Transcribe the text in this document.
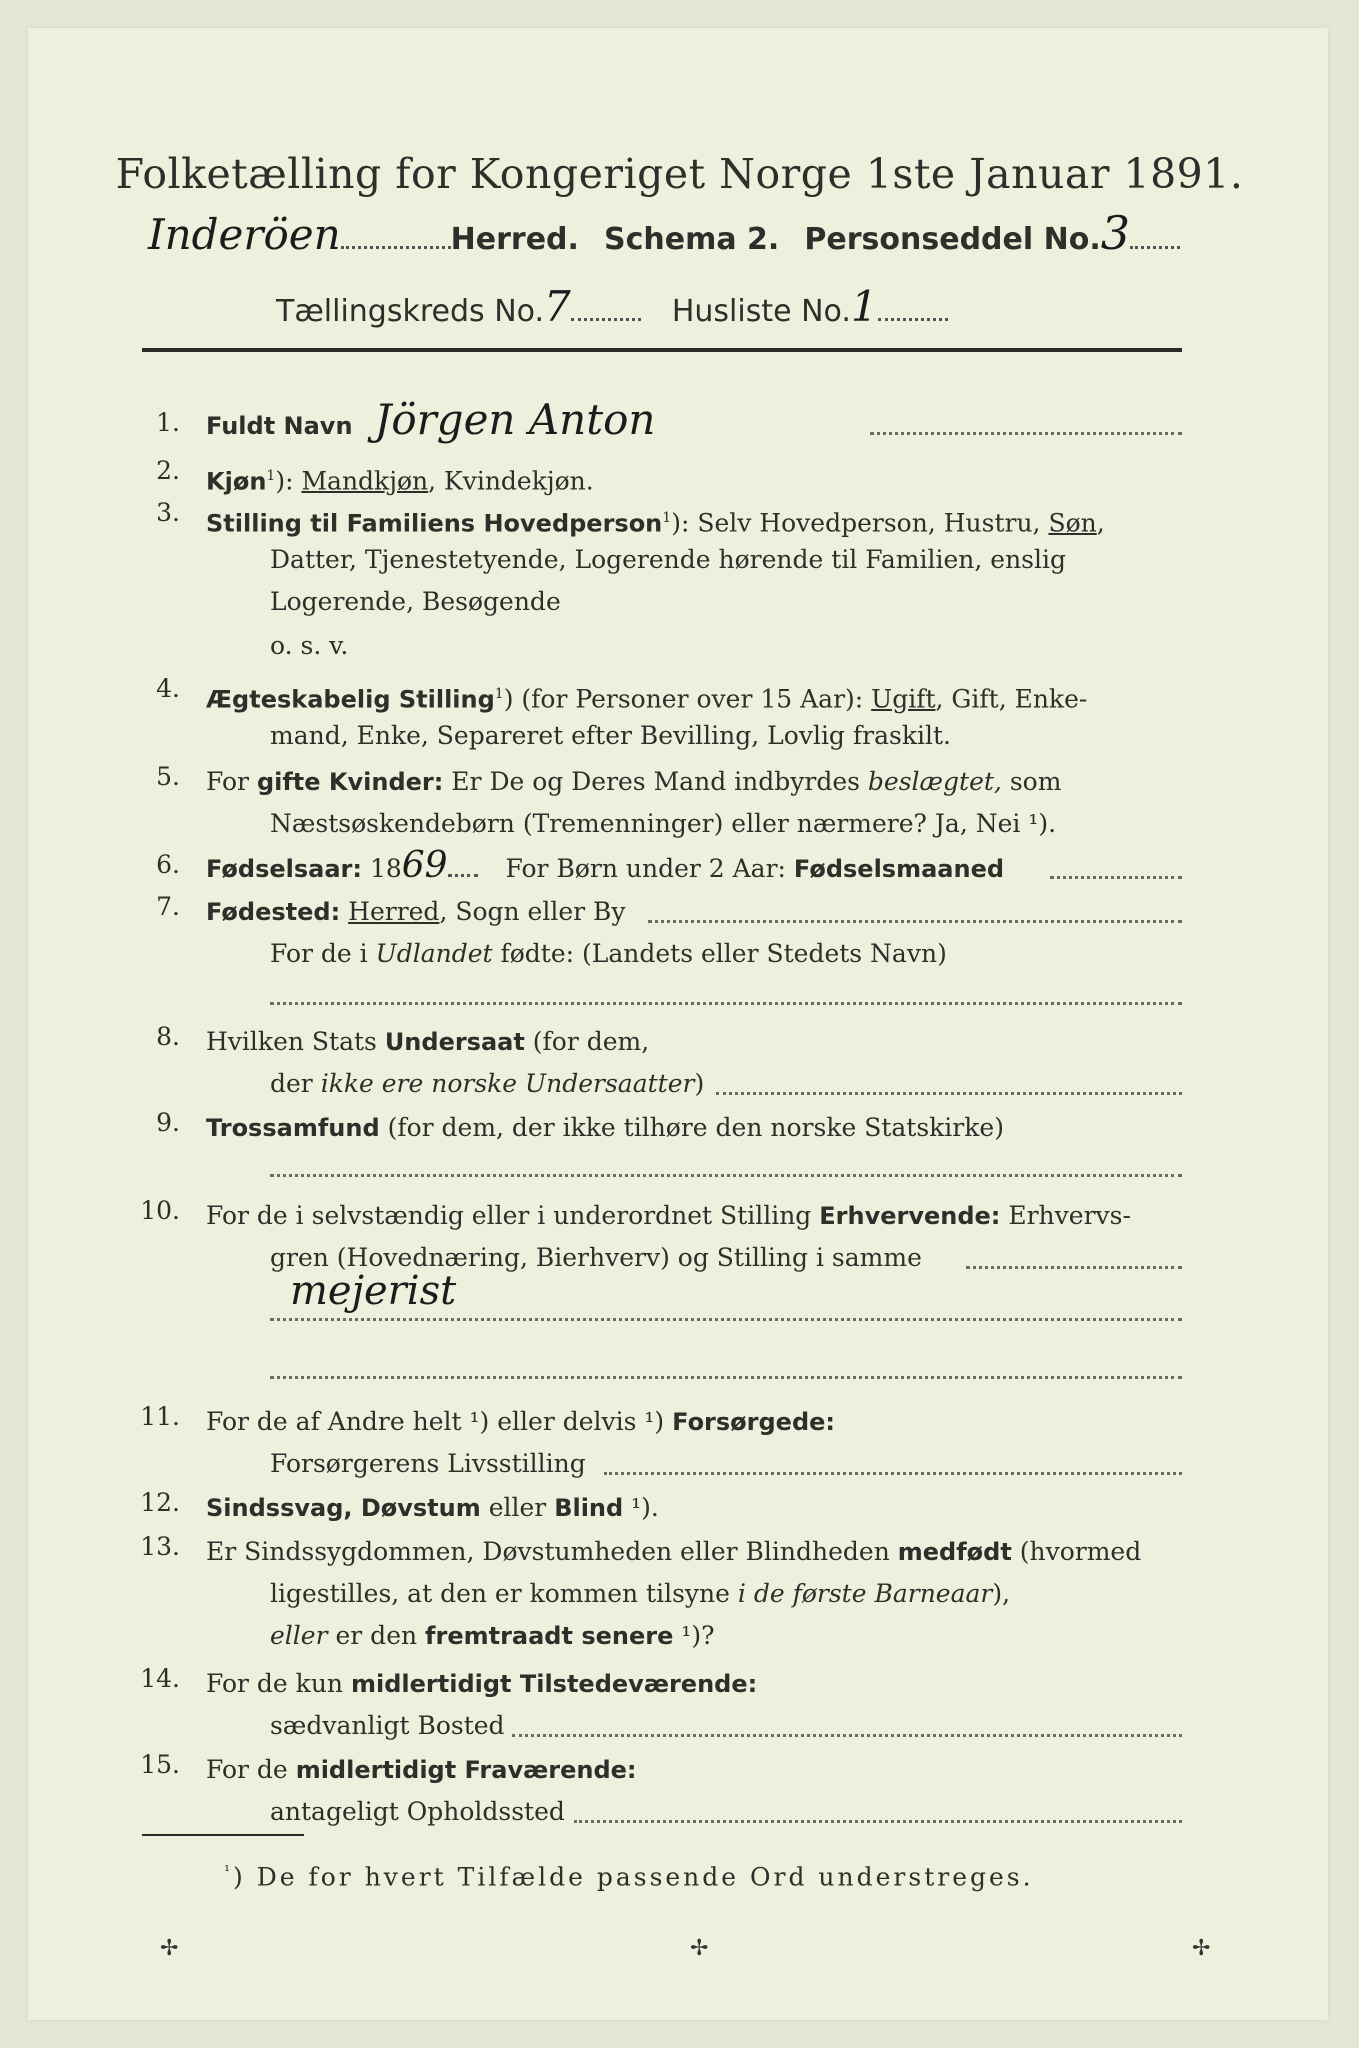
Folketælling for Kongeriget Norge 1ste Januar 1891.
Inderöen	Herred. Schema 2. Personseddel No.3
Tællingskreds No.7	Husliste No.1
1. Fuldt Navn Jörgen Anton
2. Kjøn$^1$): Mandkjøn, Kvindekjøn.
3. Stilling til Familiens Hovedperson$^1$): Selv Hovedperson, Hustru, Søn,
Datter, Tjenestetyende, Logerende hørende til Familien, enslig
Logerende, Besøgende
o. s. v.
4. Ægteskabelig Stilling$^1$) (for Personer over 15 Aar): Ugift, Gift, Enke-
mand, Enke, Separeret efter Bevilling, Lovlig fraskilt.
5. For gifte Kvinder: Er De og Deres Mand indbyrdes beslægtet, som
Næstsøskendebørn (Tremenninger) eller nærmere? Ja, Nei ¹).
6. Fødselsaar: 1869 For Børn under 2 Aar: Fødselsmaaned
7. Fødested: Herred, Sogn eller By
For de i Udlandet fødte: (Landets eller Stedets Navn)
8. Hvilken Stats Undersaat (for dem,
der ikke ere norske Undersaatter)
9. Trossamfund (for dem, der ikke tilhøre den norske Statskirke)
10. For de i selvstændig eller i underordnet Stilling Erhvervende: Erhvervs-
gren (Hovednæring, Bierhverv) og Stilling i samme
mejerist
11. For de af Andre helt ¹) eller delvis ¹) Forsørgede:
Forsørgerens Livsstilling
12. Sindssvag, Døvstum eller Blind ¹).
13. Er Sindssygdommen, Døvstumheden eller Blindheden medfødt (hvormed
ligestilles, at den er kommen tilsyne i de første Barneaar),
eller er den fremtraadt senere ¹)?
14. For de kun midlertidigt Tilstedeværende:
sædvanligt Bosted
15. For de midlertidigt Fraværende:
antageligt Opholdssted
$^{^1}$) De for hvert Tilfælde passende Ord understreges.
✢	✢	✢
